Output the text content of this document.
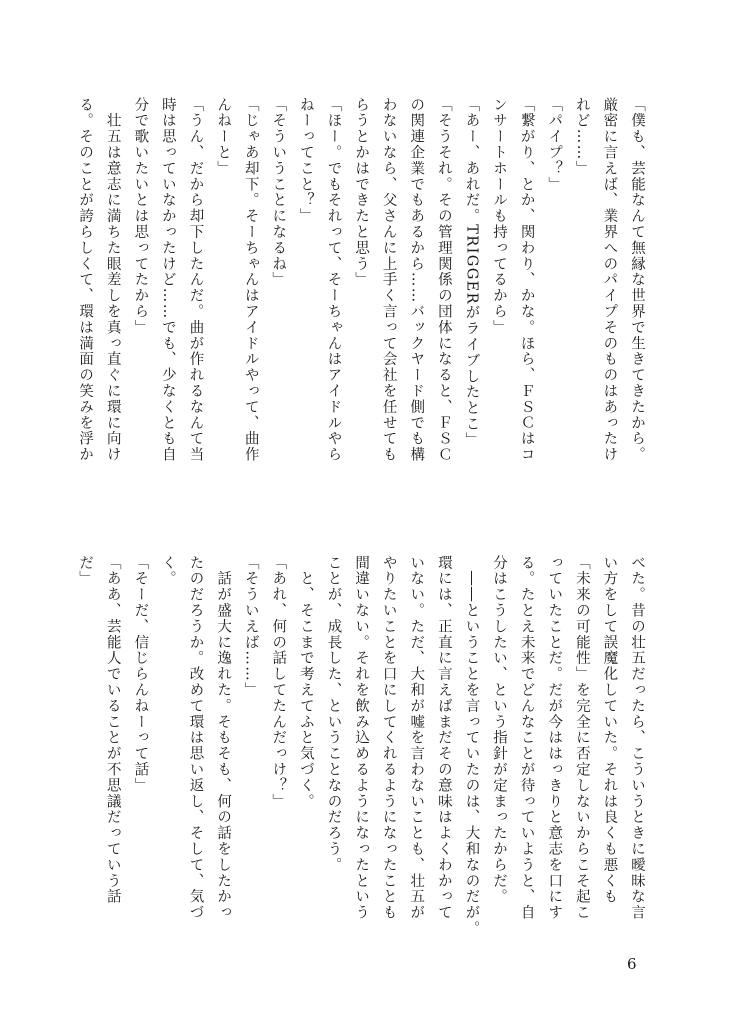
「僕も、芸能なんて無縁な世界で生きてきたから。
厳密に言えば、業界へのパイプそのものはあったけ
れど……」
「パイプ？」
「繋がり、とか、関わり、かな。ほら、ＦＳＣはコ
ンサートホールも持ってるから」
「あー、あれだ。TRIGGERがライブしたとこ」
「そうそれ。その管理関係の団体になると、ＦＳＣ
の関連企業でもあるから……バックヤード側でも構
わないなら、父さんに上手く言って会社を任せても
らうとかはできたと思う」
「ほー。でもそれって、そーちゃんはアイドルやら
ねーってこと？」
「そういうことになるね」
「じゃあ却下。そーちゃんはアイドルやって、曲作
んねーと」
「うん、だから却下したんだ。曲が作れるなんて当
時は思っていなかったけど……でも、少なくとも自
分で歌いたいとは思ってたから」
　壮五は意志に満ちた眼差しを真っ直ぐに環に向け
る。そのことが誇らしくて、環は満面の笑みを浮か
べた。昔の壮五だったら、こういうときに曖昧な言
い方をして誤魔化していた。それは良くも悪くも
「未来の可能性」を完全に否定しないからこそ起こ
っていたことだ。だが今ははっきりと意志を口にす
る。たとえ未来でどんなことが待っていようと、自
分はこうしたい、という指針が定まったからだ。
　――ということを言っていたのは、大和なのだが。
環には、正直に言えばまだその意味はよくわかって
いない。ただ、大和が嘘を言わないことも、壮五が
やりたいことを口にしてくれるようになったことも
間違いない。それを飲み込めるようになったという
ことが、成長した、ということなのだろう。
　と、そこまで考えてふと気づく。
「あれ、何の話してたんだっけ？」
「そういえば……」
　話が盛大に逸れた。そもそも、何の話をしたかっ
たのだろうか。改めて環は思い返し、そして、気づ
く。
「そーだ、信じらんねーって話」
「ああ、芸能人でいることが不思議だっていう話
だ」
6
